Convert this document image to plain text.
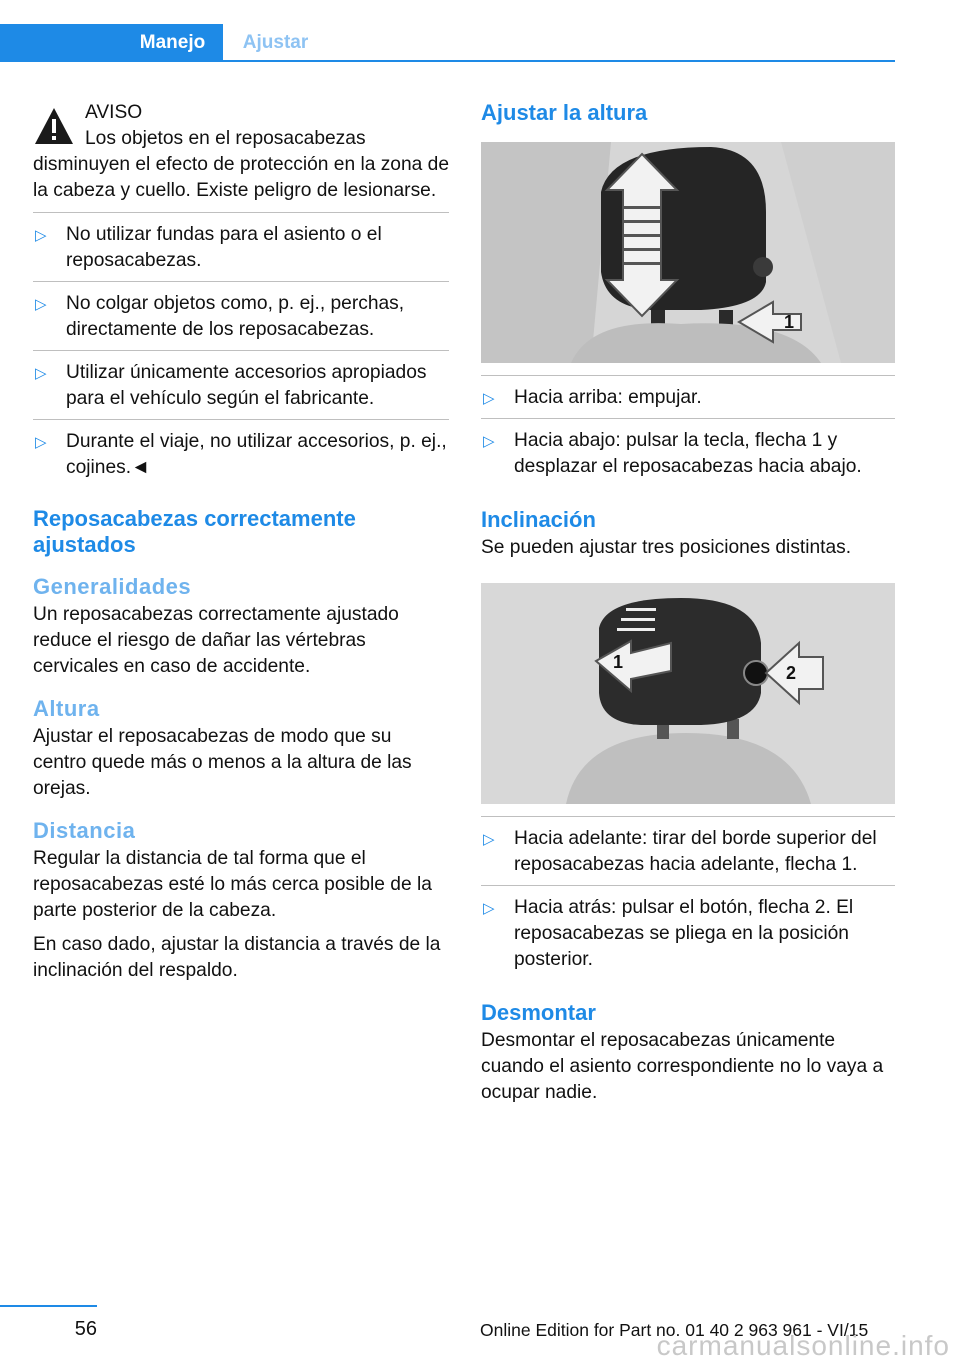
Manejo	Ajustar
AVISO

Los objetos en el reposacabezas disminuyen el efecto de protección en la zona de la cabeza y cuello. Existe peligro de lesionarse.

▷ No utilizar fundas para el asiento o el reposacabezas.
▷ No colgar objetos como, p. ej., perchas, directamente de los reposacabezas.
▷ Utilizar únicamente accesorios apropiados para el vehículo según el fabricante.
▷ Durante el viaje, no utilizar accesorios, p. ej., cojines.◄
Reposacabezas correctamente ajustados
Generalidades

Un reposacabezas correctamente ajustado reduce el riesgo de dañar las vértebras cervicales en caso de accidente.

Altura

Ajustar el reposacabezas de modo que su centro quede más o menos a la altura de las orejas.

Distancia

Regular la distancia de tal forma que el reposacabezas esté lo más cerca posible de la parte posterior de la cabeza.

En caso dado, ajustar la distancia a través de la inclinación del respaldo.

Ajustar la altura
1
▷ Hacia arriba: empujar.
▷ Hacia abajo: pulsar la tecla, flecha 1 y desplazar el reposacabezas hacia abajo.
Inclinación

Se pueden ajustar tres posiciones distintas.

1
2
▷ Hacia adelante: tirar del borde superior del reposacabezas hacia adelante, flecha 1.
▷ Hacia atrás: pulsar el botón, flecha 2. El reposacabezas se pliega en la posición posterior.
Desmontar

Desmontar el reposacabezas únicamente cuando el asiento correspondiente no lo vaya a ocupar nadie.

56	Online Edition for Part no. 01 40 2 963 961 - VI/15
carmanualsonline.info
